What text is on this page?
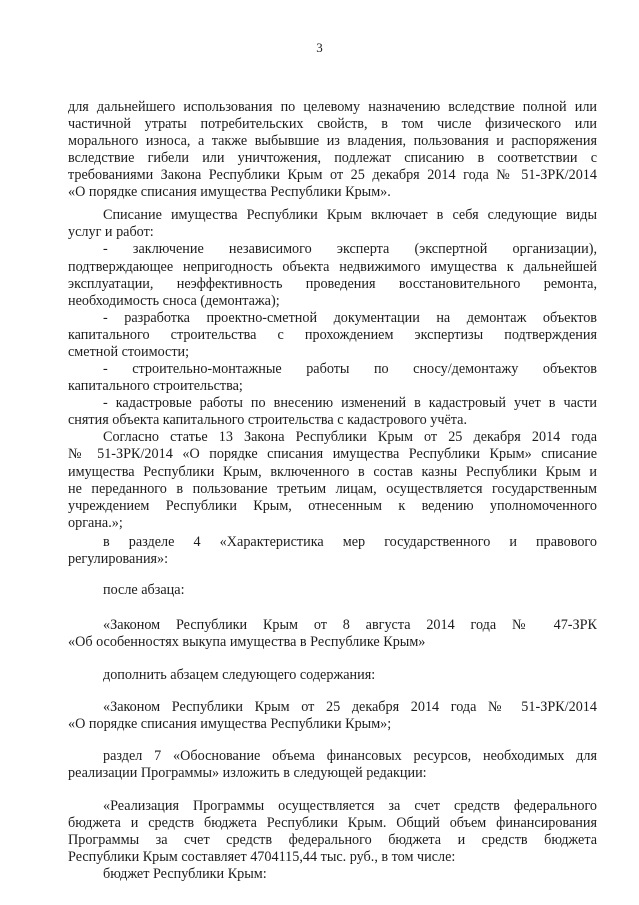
3
для дальнейшего использования по целевому назначению вследствие полной или
частичной утраты потребительских свойств, в том числе физического или
морального износа, а также выбывшие из владения, пользования и распоряжения
вследствие гибели или уничтожения, подлежат списанию в соответствии с
требованиями Закона Республики Крым от 25 декабря 2014 года № 51-ЗРК/2014
«О порядке списания имущества Республики Крым».
Списание имущества Республики Крым включает в себя следующие виды
услуг и работ:
- заключение независимого эксперта (экспертной организации),
подтверждающее непригодность объекта недвижимого имущества к дальнейшей
эксплуатации, неэффективность проведения восстановительного ремонта,
необходимость сноса (демонтажа);
- разработка проектно-сметной документации на демонтаж объектов
капитального строительства с прохождением экспертизы подтверждения
сметной стоимости;
- строительно-монтажные работы по сносу/демонтажу объектов
капитального строительства;
- кадастровые работы по внесению изменений в кадастровый учет в части
снятия объекта капитального строительства с кадастрового учёта.
Согласно статье 13 Закона Республики Крым от 25 декабря 2014 года
№ 51-ЗРК/2014 «О порядке списания имущества Республики Крым» списание
имущества Республики Крым, включенного в состав казны Республики Крым и
не переданного в пользование третьим лицам, осуществляется государственным
учреждением Республики Крым, отнесенным к ведению уполномоченного
органа.»;
в разделе 4 «Характеристика мер государственного и правового
регулирования»:
после абзаца:
«Законом Республики Крым от 8 августа 2014 года № 47-ЗРК
«Об особенностях выкупа имущества в Республике Крым»
дополнить абзацем следующего содержания:
«Законом Республики Крым от 25 декабря 2014 года № 51-ЗРК/2014
«О порядке списания имущества Республики Крым»;
раздел 7 «Обоснование объема финансовых ресурсов, необходимых для
реализации Программы» изложить в следующей редакции:
«Реализация Программы осуществляется за счет средств федерального
бюджета и средств бюджета Республики Крым. Общий объем финансирования
Программы за счет средств федерального бюджета и средств бюджета
Республики Крым составляет 4704115,44 тыс. руб., в том числе:
бюджет Республики Крым:
